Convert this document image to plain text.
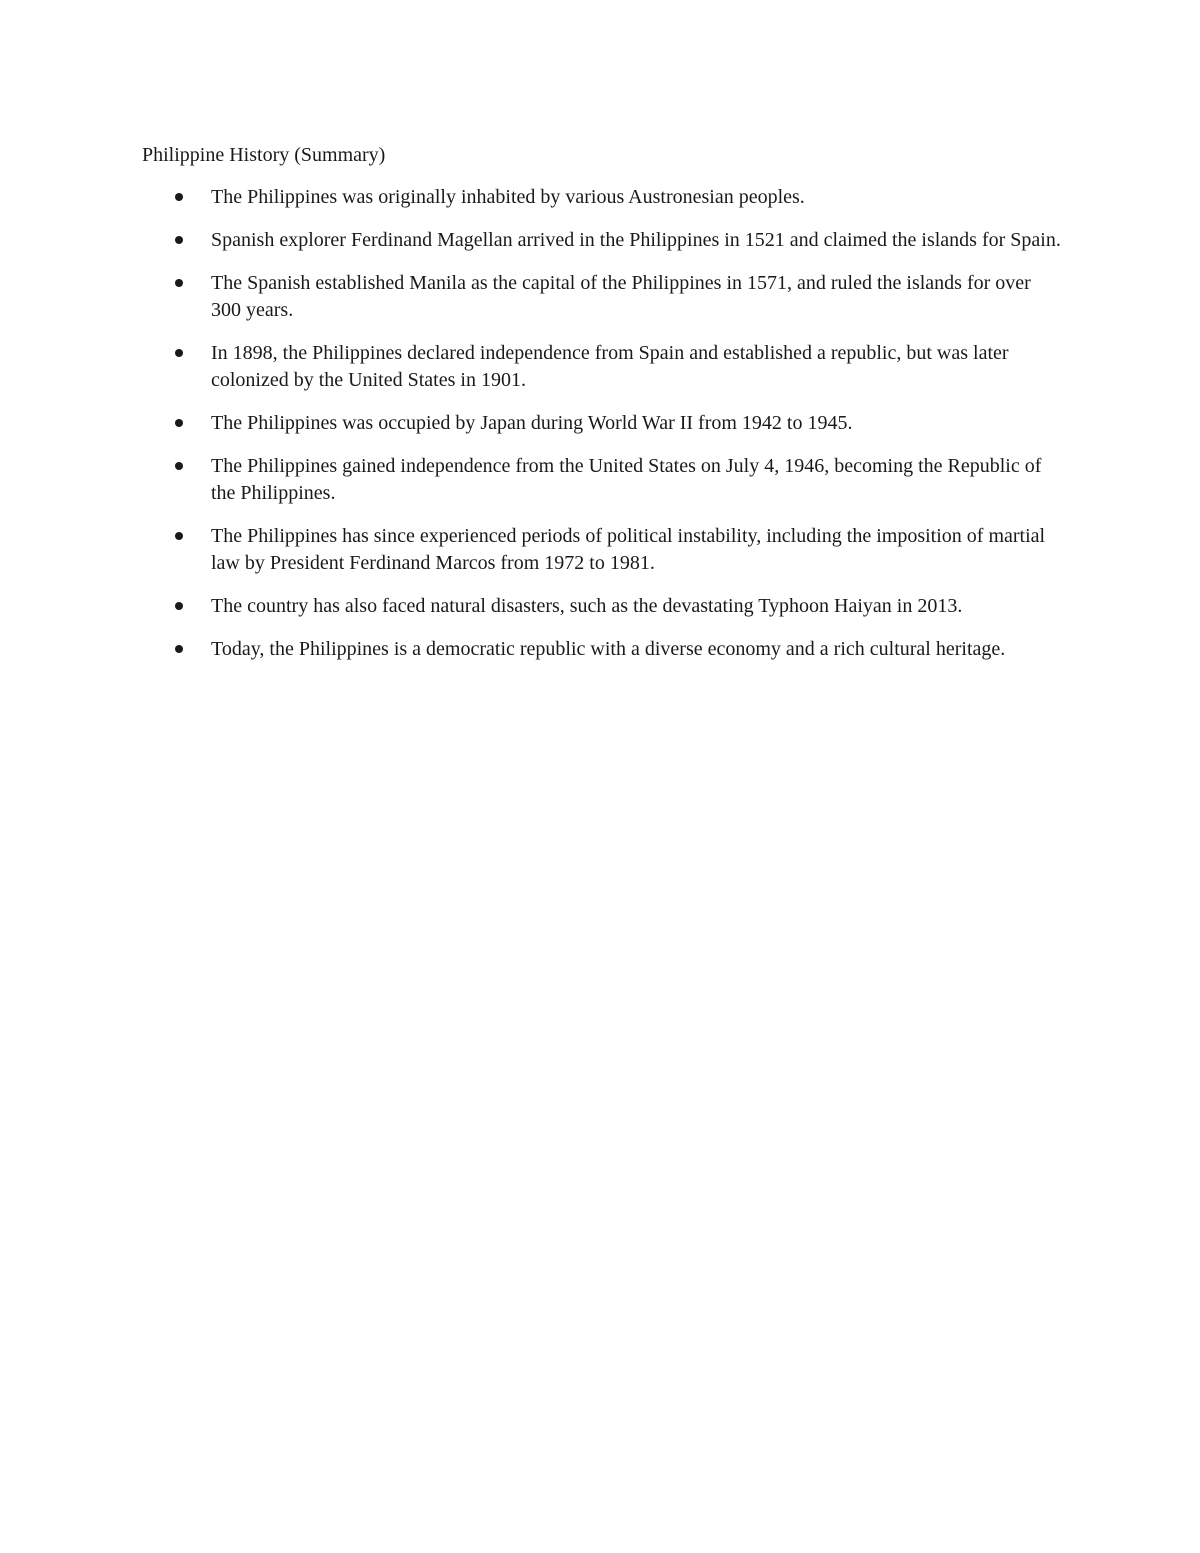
Philippine History (Summary)
The Philippines was originally inhabited by various Austronesian peoples.
Spanish explorer Ferdinand Magellan arrived in the Philippines in 1521 and claimed the islands for Spain.
The Spanish established Manila as the capital of the Philippines in 1571, and ruled the islands for over 300 years.
In 1898, the Philippines declared independence from Spain and established a republic, but was later colonized by the United States in 1901.
The Philippines was occupied by Japan during World War II from 1942 to 1945.
The Philippines gained independence from the United States on July 4, 1946, becoming the Republic of the Philippines.
The Philippines has since experienced periods of political instability, including the imposition of martial law by President Ferdinand Marcos from 1972 to 1981.
The country has also faced natural disasters, such as the devastating Typhoon Haiyan in 2013.
Today, the Philippines is a democratic republic with a diverse economy and a rich cultural heritage.
